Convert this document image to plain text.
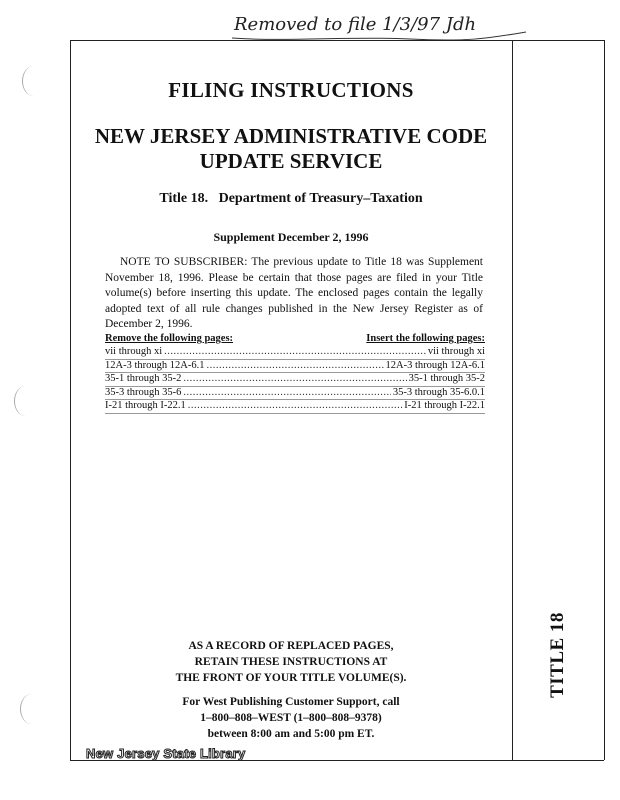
Removed to file 1/3/97 Jdh
FILING INSTRUCTIONS
NEW JERSEY ADMINISTRATIVE CODE
UPDATE SERVICE
Title 18.   Department of Treasury–Taxation
Supplement December 2, 1996
NOTE TO SUBSCRIBER: The previous update to Title 18 was Supplement November 18, 1996. Please be certain that those pages are filed in your Title volume(s) before inserting this update. The enclosed pages contain the legally adopted text of all rule changes published in the New Jersey Register as of December 2, 1996.
Remove the following pages:	Insert the following pages:
vii through xi .....	vii through xi
12A-3 through 12A-6.1 .....	12A-3 through 12A-6.1
35-1 through 35-2 .....	35-1 through 35-2
35-3 through 35-6 .....	35-3 through 35-6.0.1
I-21 through I-22.1 .....	I-21 through I-22.1
AS A RECORD OF REPLACED PAGES,
RETAIN THESE INSTRUCTIONS AT
THE FRONT OF YOUR TITLE VOLUME(S).
For West Publishing Customer Support, call
1–800–808–WEST (1–800–808–9378)
between 8:00 am and 5:00 pm ET.
TITLE 18
New Jersey State Library
